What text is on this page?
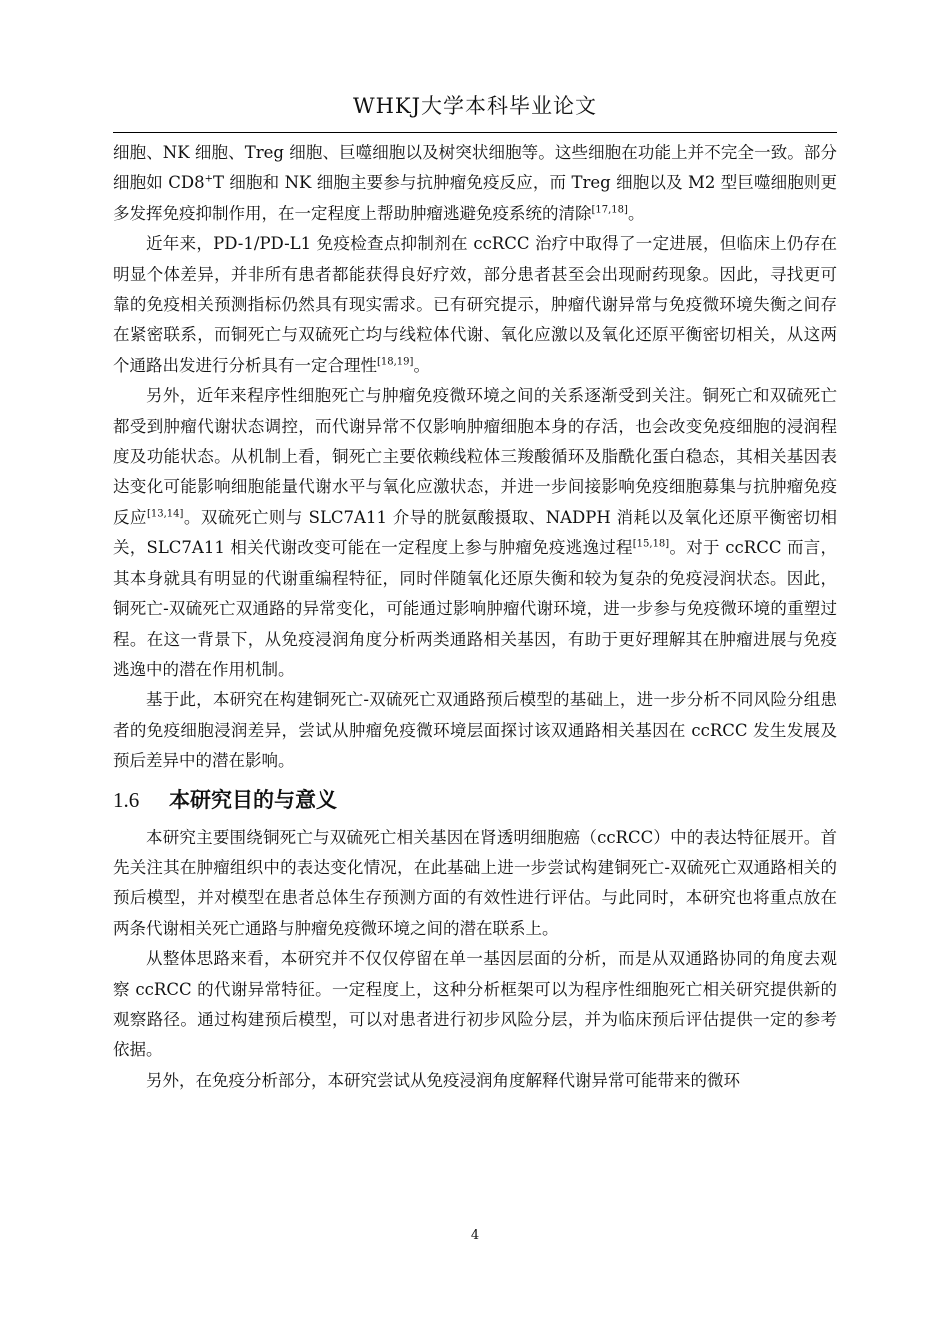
WHKJ大学本科毕业论文

细胞、NK 细胞、Treg 细胞、巨噬细胞以及树突状细胞等。这些细胞在功能上并不完全一致。部分细胞如 CD8+T 细胞和 NK 细胞主要参与抗肿瘤免疫反应，而 Treg 细胞以及 M2 型巨噬细胞则更多发挥免疫抑制作用，在一定程度上帮助肿瘤逃避免疫系统的清除[17,18]。

近年来，PD-1/PD-L1 免疫检查点抑制剂在 ccRCC 治疗中取得了一定进展，但临床上仍存在明显个体差异，并非所有患者都能获得良好疗效，部分患者甚至会出现耐药现象。因此，寻找更可靠的免疫相关预测指标仍然具有现实需求。已有研究提示，肿瘤代谢异常与免疫微环境失衡之间存在紧密联系，而铜死亡与双硫死亡均与线粒体代谢、氧化应激以及氧化还原平衡密切相关，从这两个通路出发进行分析具有一定合理性[18,19]。

另外，近年来程序性细胞死亡与肿瘤免疫微环境之间的关系逐渐受到关注。铜死亡和双硫死亡都受到肿瘤代谢状态调控，而代谢异常不仅影响肿瘤细胞本身的存活，也会改变免疫细胞的浸润程度及功能状态。从机制上看，铜死亡主要依赖线粒体三羧酸循环及脂酰化蛋白稳态，其相关基因表达变化可能影响细胞能量代谢水平与氧化应激状态，并进一步间接影响免疫细胞募集与抗肿瘤免疫反应[13,14]。双硫死亡则与 SLC7A11 介导的胱氨酸摄取、NADPH 消耗以及氧化还原平衡密切相关，SLC7A11 相关代谢改变可能在一定程度上参与肿瘤免疫逃逸过程[15,18]。对于 ccRCC 而言，其本身就具有明显的代谢重编程特征，同时伴随氧化还原失衡和较为复杂的免疫浸润状态。因此，铜死亡-双硫死亡双通路的异常变化，可能通过影响肿瘤代谢环境，进一步参与免疫微环境的重塑过程。在这一背景下，从免疫浸润角度分析两类通路相关基因，有助于更好理解其在肿瘤进展与免疫逃逸中的潜在作用机制。

基于此，本研究在构建铜死亡-双硫死亡双通路预后模型的基础上，进一步分析不同风险分组患者的免疫细胞浸润差异，尝试从肿瘤免疫微环境层面探讨该双通路相关基因在 ccRCC 发生发展及预后差异中的潜在影响。

1.6 本研究目的与意义

本研究主要围绕铜死亡与双硫死亡相关基因在肾透明细胞癌（ccRCC）中的表达特征展开。首先关注其在肿瘤组织中的表达变化情况，在此基础上进一步尝试构建铜死亡-双硫死亡双通路相关的预后模型，并对模型在患者总体生存预测方面的有效性进行评估。与此同时，本研究也将重点放在两条代谢相关死亡通路与肿瘤免疫微环境之间的潜在联系上。

从整体思路来看，本研究并不仅仅停留在单一基因层面的分析，而是从双通路协同的角度去观察 ccRCC 的代谢异常特征。一定程度上，这种分析框架可以为程序性细胞死亡相关研究提供新的观察路径。通过构建预后模型，可以对患者进行初步风险分层，并为临床预后评估提供一定的参考依据。

另外，在免疫分析部分，本研究尝试从免疫浸润角度解释代谢异常可能带来的微环

4
